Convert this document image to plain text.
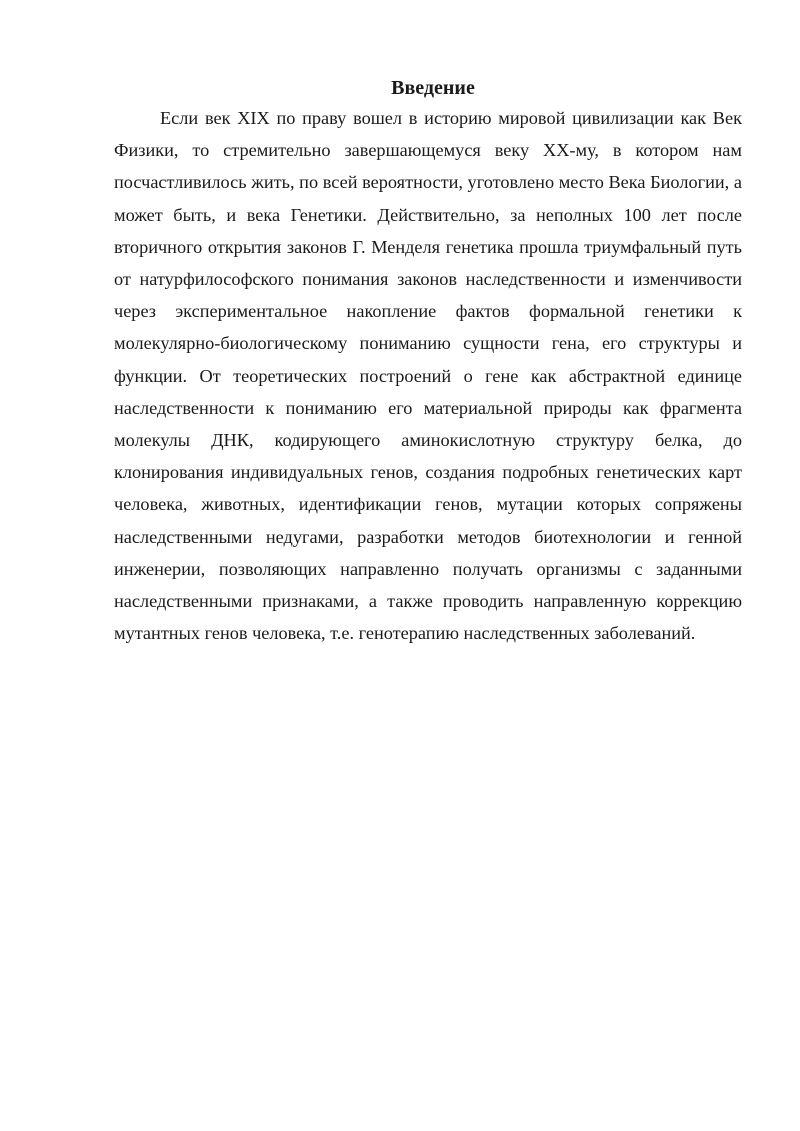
Введение

Если век XIX по праву вошел в историю мировой цивилизации как Век Физики, то стремительно завершающемуся веку XX-му, в котором нам посчастливилось жить, по всей вероятности, уготовлено место Века Биологии, а может быть, и века Генетики. Действительно, за неполных 100 лет после вторичного открытия законов Г. Менделя генетика прошла триумфальный путь от натурфилософского понимания законов наследственности и изменчивости через экспериментальное накопление фактов формальной генетики к молекулярно-биологическому пониманию сущности гена, его структуры и функции. От теоретических построений о гене как абстрактной единице наследственности к пониманию его материальной природы как фрагмента молекулы ДНК, кодирующего аминокислотную структуру белка, до клонирования индивидуальных генов, создания подробных генетических карт человека, животных, идентификации генов, мутации которых сопряжены наследственными недугами, разработки методов биотехнологии и генной инженерии, позволяющих направленно получать организмы с заданными наследственными признаками, а также проводить направленную коррекцию мутантных генов человека, т.е. генотерапию наследственных заболеваний.
